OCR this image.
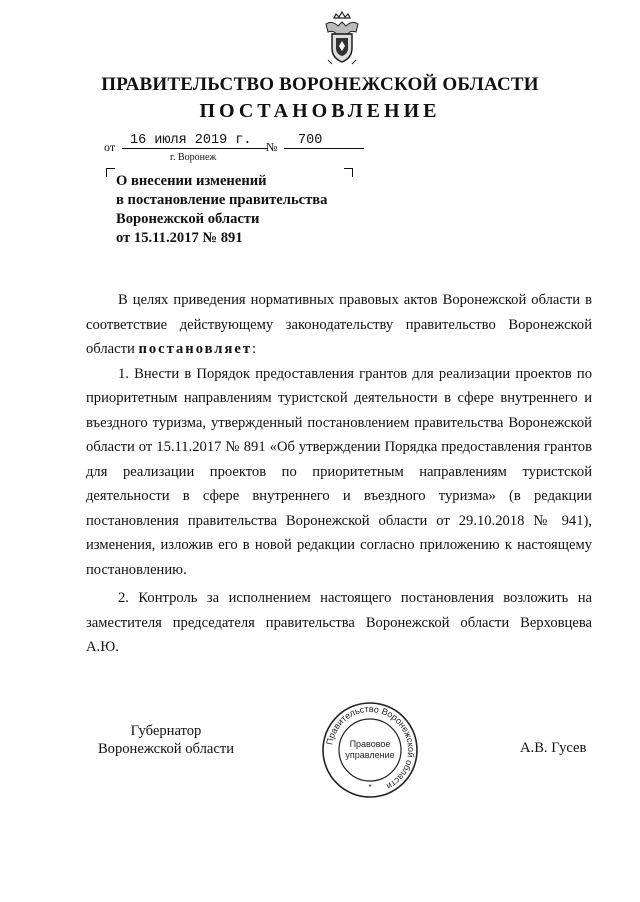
ПРАВИТЕЛЬСТВО ВОРОНЕЖСКОЙ ОБЛАСТИ
ПОСТАНОВЛЕНИЕ
от	16 июля 2019 г.	№	700
г. Воронеж
О внесении изменений
в постановление правительства
Воронежской области
от 15.11.2017 № 891

В целях приведения нормативных правовых актов Воронежской области в соответствие действующему законодательству правительство Воронежской области постановляет:

1. Внести в Порядок предоставления грантов для реализации проектов по приоритетным направлениям туристской деятельности в сфере внутреннего и въездного туризма, утвержденный постановлением правительства Воронежской области от 15.11.2017 № 891 «Об утверждении Порядка предоставления грантов для реализации проектов по приоритетным направлениям туристской деятельности в сфере внутреннего и въездного туризма» (в редакции постановления правительства Воронежской области от 29.10.2018 № 941), изменения, изложив его в новой редакции согласно приложению к настоящему постановлению.

2. Контроль за исполнением настоящего постановления возложить на заместителя председателя правительства Воронежской области Верховцева А.Ю.

Губернатор
Воронежской области	Правительство Воронежской области
Правовое
управление
*
А.В. Гусев
